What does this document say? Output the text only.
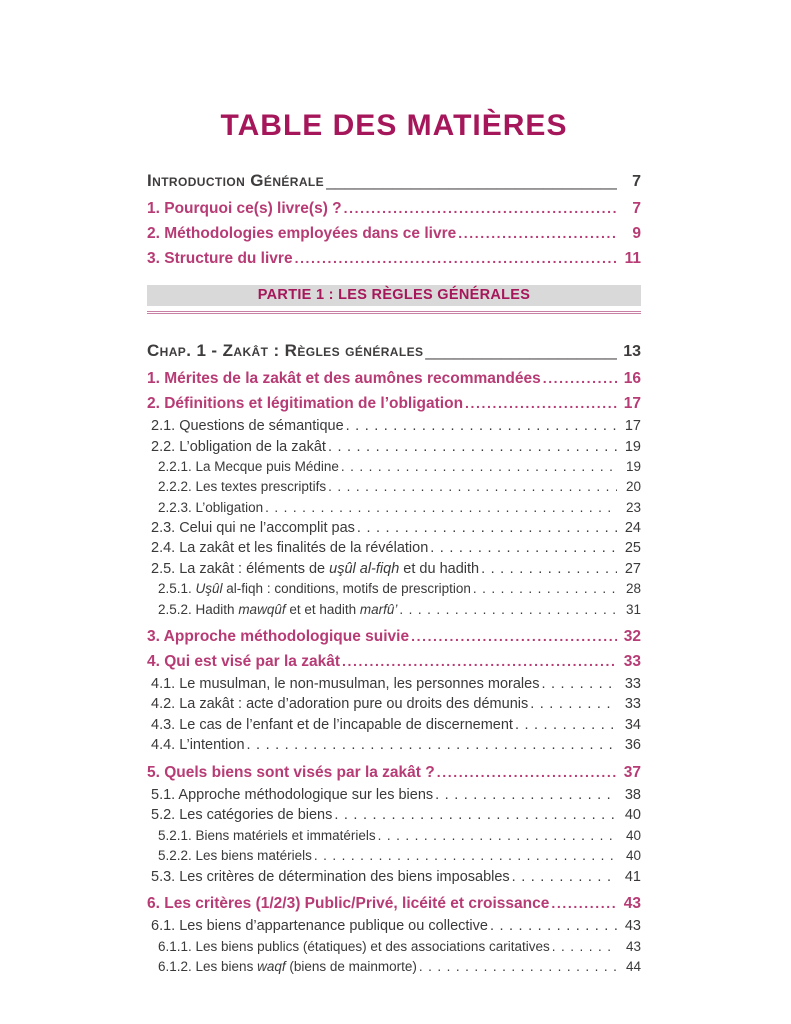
TABLE DES MATIÈRES
Introduction Générale _____	7
1. Pourquoi ce(s) livre(s) ? .....	7
2. Méthodologies employées dans ce livre .....	9
3. Structure du livre .....	11
PARTIE 1 : LES RÈGLES GÉNÉRALES
Chap. 1 - Zakât : Règles générales _____	13
1. Mérites de la zakât et des aumônes recommandées .....	16
2. Définitions et légitimation de l’obligation .....	17
2.1. Questions de sémantique .....	17
2.2. L’obligation de la zakât .....	19
2.2.1. La Mecque puis Médine .....	19
2.2.2. Les textes prescriptifs .....	20
2.2.3. L’obligation .....	23
2.3. Celui qui ne l’accomplit pas .....	24
2.4. La zakât et les finalités de la révélation .....	25
2.5. La zakât : éléments de uşûl al-fiqh et du hadith .....	27
2.5.1. Uşûl al-fiqh : conditions, motifs de prescription .....	28
2.5.2. Hadith mawqûf et et hadith marfû’ .....	31
3. Approche méthodologique suivie .....	32
4. Qui est visé par la zakât .....	33
4.1. Le musulman, le non-musulman, les personnes morales .....	33
4.2. La zakât : acte d’adoration pure ou droits des démunis .....	33
4.3. Le cas de l’enfant et de l’incapable de discernement .....	34
4.4. L’intention .....	36
5. Quels biens sont visés par la zakât ? .....	37
5.1. Approche méthodologique sur les biens .....	38
5.2. Les catégories de biens .....	40
5.2.1. Biens matériels et immatériels .....	40
5.2.2. Les biens matériels .....	40
5.3. Les critères de détermination des biens imposables .....	41
6. Les critères (1/2/3) Public/Privé, licéité et croissance .....	43
6.1. Les biens d’appartenance publique ou collective .....	43
6.1.1. Les biens publics (étatiques) et des associations caritatives .....	43
6.1.2. Les biens waqf (biens de mainmorte) .....	44
